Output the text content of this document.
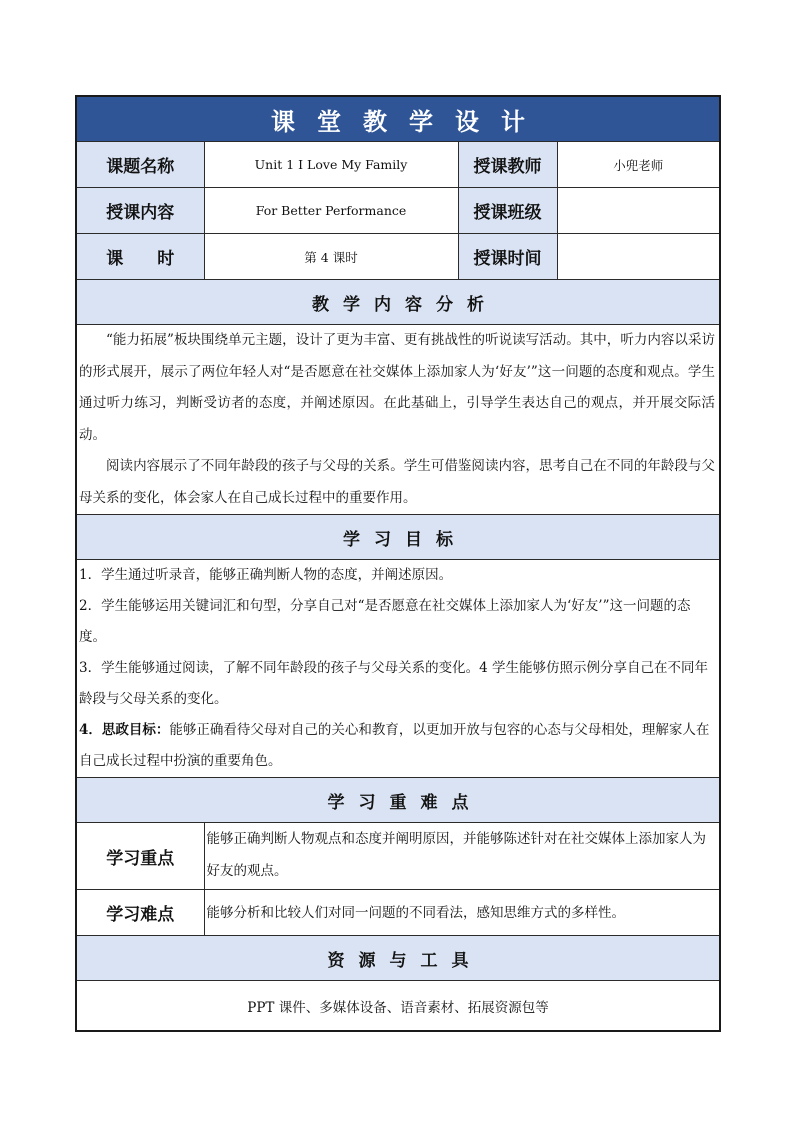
课堂教学设计			
课题名称	Unit 1 I Love My Family	授课教师	小兜老师
授课内容	For Better Performance	授课班级	
课　　时	第 4 课时	授课时间	
教学内容分析			

“能力拓展”板块围绕单元主题，设计了更为丰富、更有挑战性的听说读写活动。其中，听力内容以采访的形式展开，展示了两位年轻人对“是否愿意在社交媒体上添加家人为‘好友’”这一问题的态度和观点。学生通过听力练习，判断受访者的态度，并阐述原因。在此基础上，引导学生表达自己的观点，并开展交际活动。

阅读内容展示了不同年龄段的孩子与父母的关系。学生可借鉴阅读内容，思考自己在不同的年龄段与父母关系的变化，体会家人在自己成长过程中的重要作用。			

学习目标			

1．学生通过听录音，能够正确判断人物的态度，并阐述原因。
2．学生能够运用关键词汇和句型，分享自己对“是否愿意在社交媒体上添加家人为‘好友’”这一问题的态度。
3．学生能够通过阅读，了解不同年龄段的孩子与父母关系的变化。4 学生能够仿照示例分享自己在不同年龄段与父母关系的变化。
4．思政目标：能够正确看待父母对自己的关心和教育，以更加开放与包容的心态与父母相处，理解家人在自己成长过程中扮演的重要角色。			

学习重难点			
学习重点	能够正确判断人物观点和态度并阐明原因，并能够陈述针对在社交媒体上添加家人为好友的观点。		
学习难点	能够分析和比较人们对同一问题的不同看法，感知思维方式的多样性。		
资源与工具			
PPT 课件、多媒体设备、语音素材、拓展资源包等			
